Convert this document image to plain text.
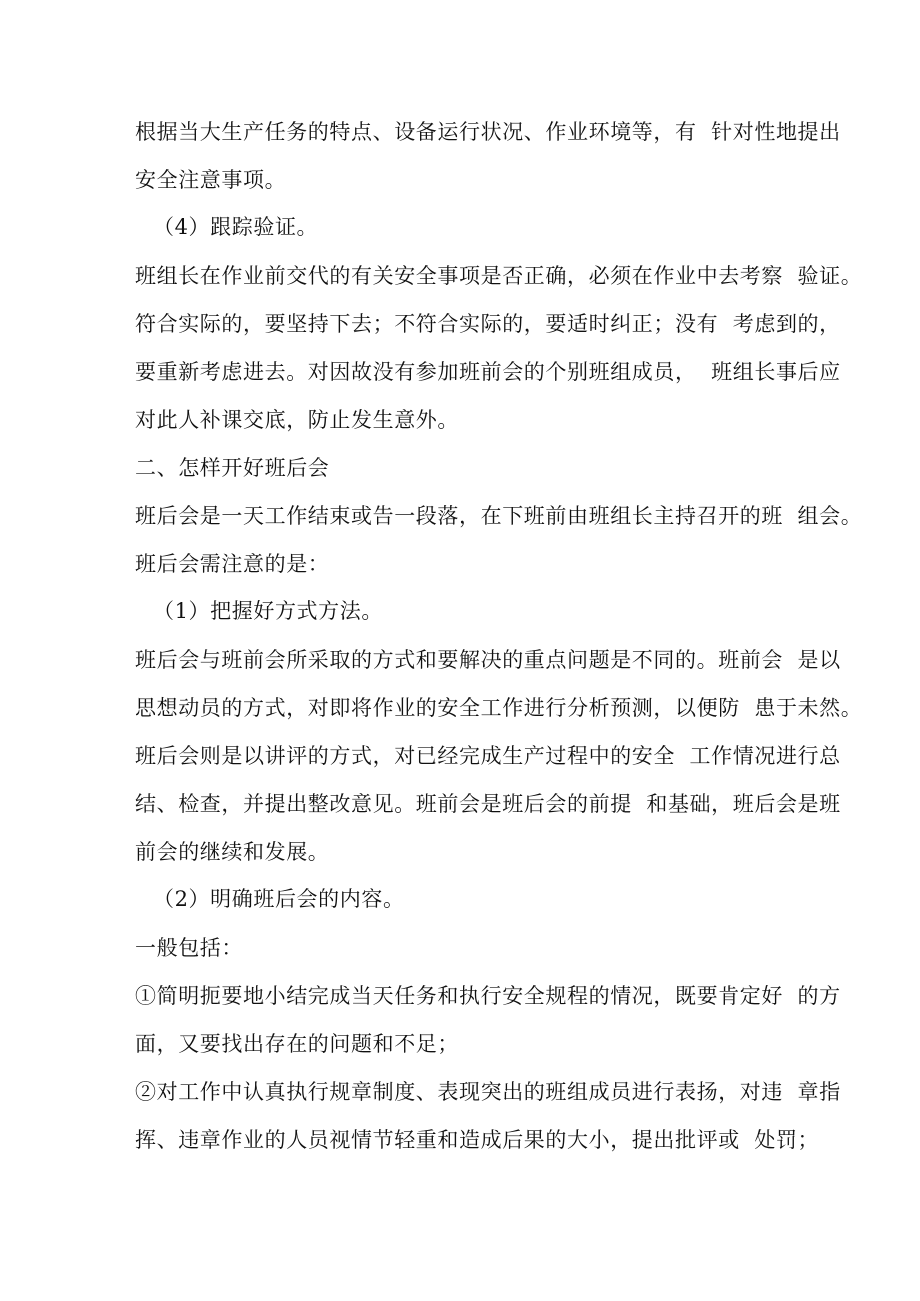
根据当大生产任务的特点、设备运行状况、作业环境等，有  针对性地提出
安全注意事项。
（4）跟踪验证。
班组长在作业前交代的有关安全事项是否正确，必须在作业中去考察  验证。
符合实际的，要坚持下去；不符合实际的，要适时纠正；没有  考虑到的，
要重新考虑进去。对因故没有参加班前会的个别班组成员，  班组长事后应
对此人补课交底，防止发生意外。
二、怎样开好班后会
班后会是一天工作结束或告一段落，在下班前由班组长主持召开的班  组会。
班后会需注意的是：
（1）把握好方式方法。
班后会与班前会所采取的方式和要解决的重点问题是不同的。班前会  是以
思想动员的方式，对即将作业的安全工作进行分析预测，以便防  患于未然。
班后会则是以讲评的方式，对已经完成生产过程中的安全  工作情况进行总
结、检查，并提出整改意见。班前会是班后会的前提  和基础，班后会是班
前会的继续和发展。
（2）明确班后会的内容。
一般包括：
①简明扼要地小结完成当天任务和执行安全规程的情况，既要肯定好  的方
面，又要找出存在的问题和不足；
②对工作中认真执行规章制度、表现突出的班组成员进行表扬，对违  章指
挥、违章作业的人员视情节轻重和造成后果的大小，提出批评或  处罚；
